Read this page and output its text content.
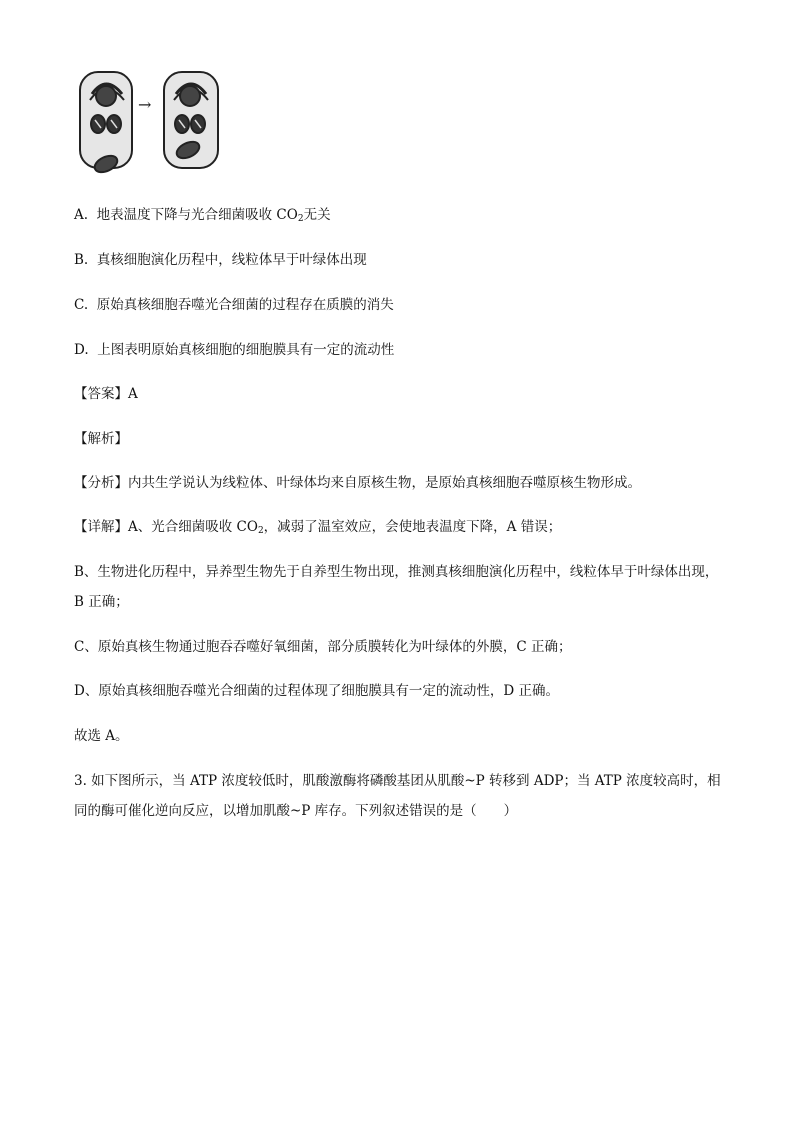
→
A. 地表温度下降与光合细菌吸收 $CO_2$无关
B. 真核细胞演化历程中，线粒体早于叶绿体出现
C. 原始真核细胞吞噬光合细菌的过程存在质膜的消失
D. 上图表明原始真核细胞的细胞膜具有一定的流动性
【答案】A
【解析】
【分析】内共生学说认为线粒体、叶绿体均来自原核生物，是原始真核细胞吞噬原核生物形成。
【详解】A、光合细菌吸收 $CO_2$，减弱了温室效应，会使地表温度下降，A 错误；
B、生物进化历程中，异养型生物先于自养型生物出现，推测真核细胞演化历程中，线粒体早于叶绿体出现，
B 正确；
C、原始真核生物通过胞吞吞噬好氧细菌，部分质膜转化为叶绿体的外膜，C 正确；
D、原始真核细胞吞噬光合细菌的过程体现了细胞膜具有一定的流动性，D 正确。
故选 A。
3. 如下图所示，当 ATP 浓度较低时，肌酸激酶将磷酸基团从肌酸~P 转移到 ADP；当 ATP 浓度较高时，相
同的酶可催化逆向反应，以增加肌酸~P 库存。下列叙述错误的是（　　）
